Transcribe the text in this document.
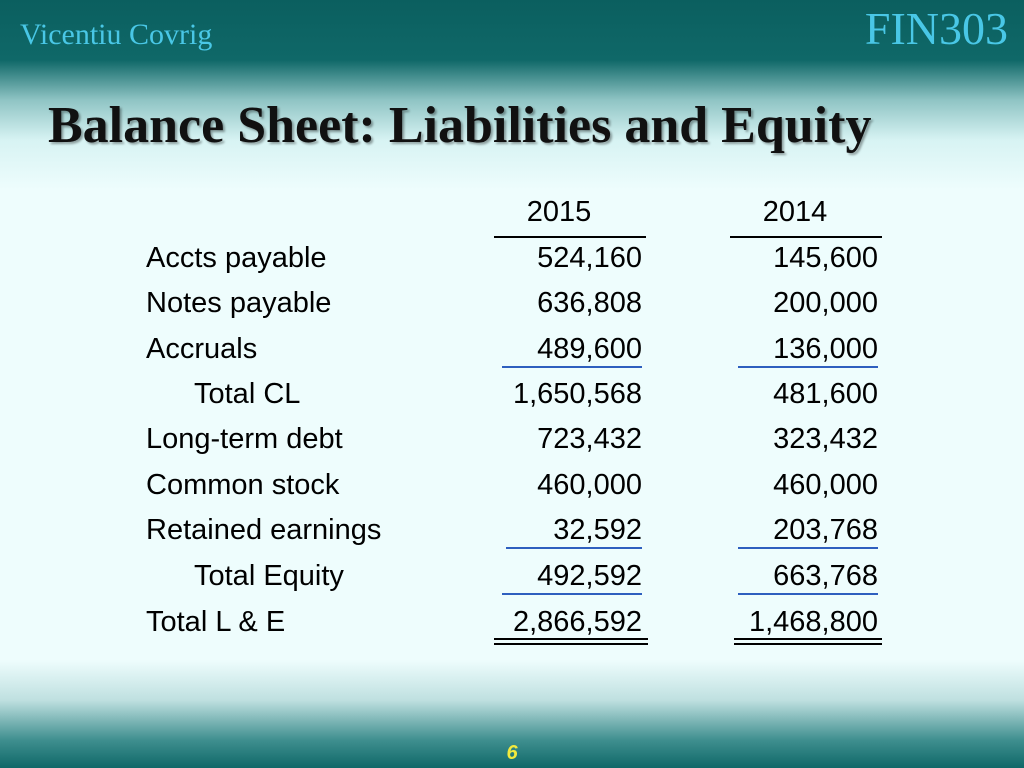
Vicentiu Covrig	FIN303
Balance Sheet: Liabilities and Equity
2015	2014
Accts payable
Notes payable
Accruals
Total CL
Long-term debt
Common stock
Retained earnings
Total Equity
Total L & E
524,160
636,808
489,600
1,650,568
723,432
460,000
32,592
492,592
2,866,592
145,600
200,000
136,000
481,600
323,432
460,000
203,768
663,768
1,468,800
6
